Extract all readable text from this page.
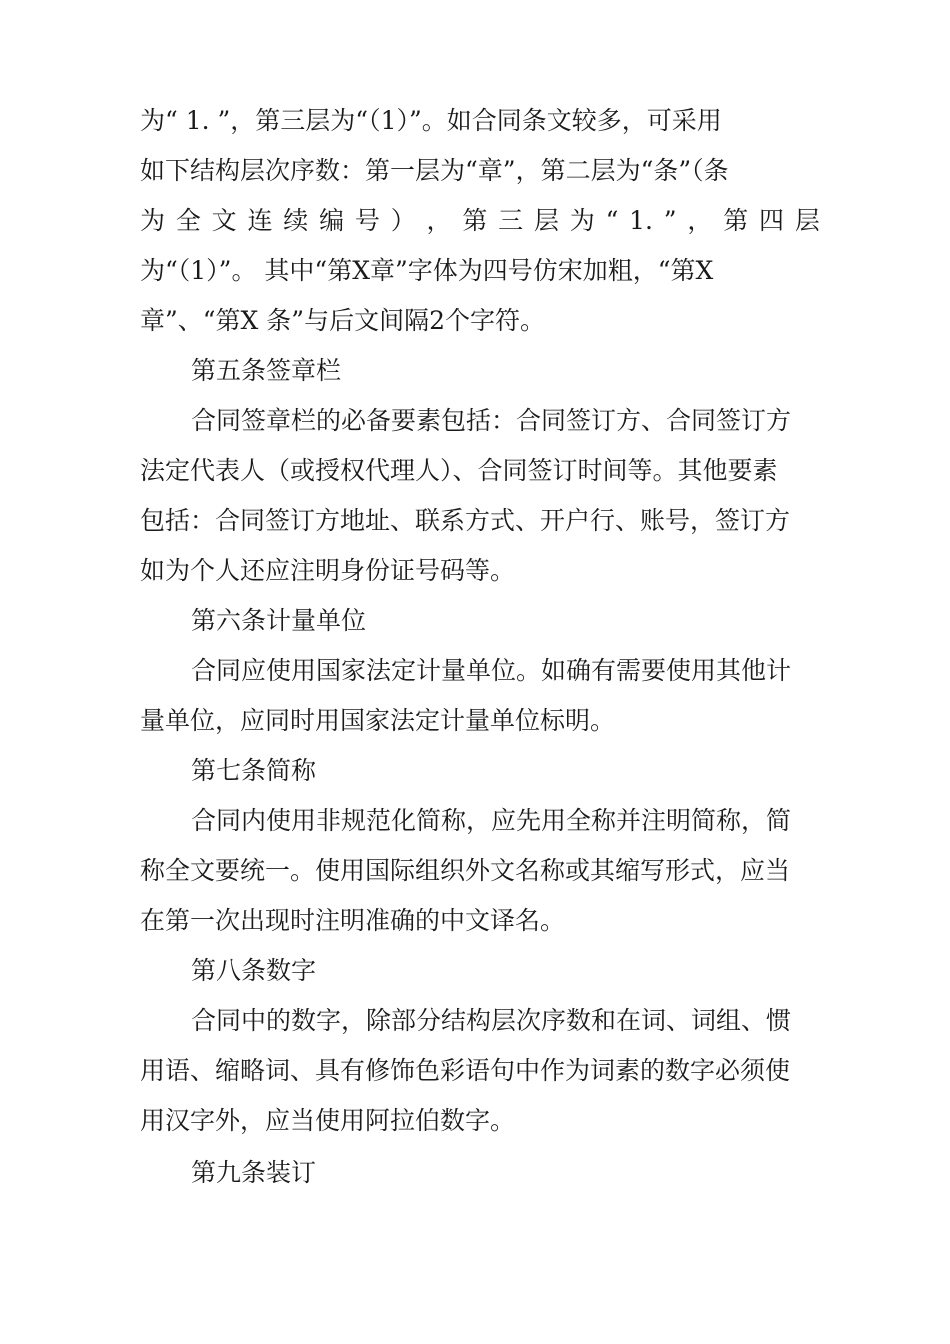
为“ 1. ”，第三层为“（1）”。如合同条文较多，可采用
如下结构层次序数：第一层为“章”，第二层为“条”（条
为 全 文 连 续 编 号 ） ， 第 三 层 为 “ 1. ” ， 第 四 层
为“（1）”。 其中“第X章”字体为四号仿宋加粗，“第X
章”、“第X 条”与后文间隔2个字符。
第五条签章栏
合同签章栏的必备要素包括：合同签订方、合同签订方
法定代表人（或授权代理人）、合同签订时间等。其他要素
包括：合同签订方地址、联系方式、开户行、账号，签订方
如为个人还应注明身份证号码等。
第六条计量单位
合同应使用国家法定计量单位。如确有需要使用其他计
量单位，应同时用国家法定计量单位标明。
第七条简称
合同内使用非规范化简称，应先用全称并注明简称，简
称全文要统一。使用国际组织外文名称或其缩写形式，应当
在第一次出现时注明准确的中文译名。
第八条数字
合同中的数字，除部分结构层次序数和在词、词组、惯
用语、缩略词、具有修饰色彩语句中作为词素的数字必须使
用汉字外，应当使用阿拉伯数字。
第九条装订
